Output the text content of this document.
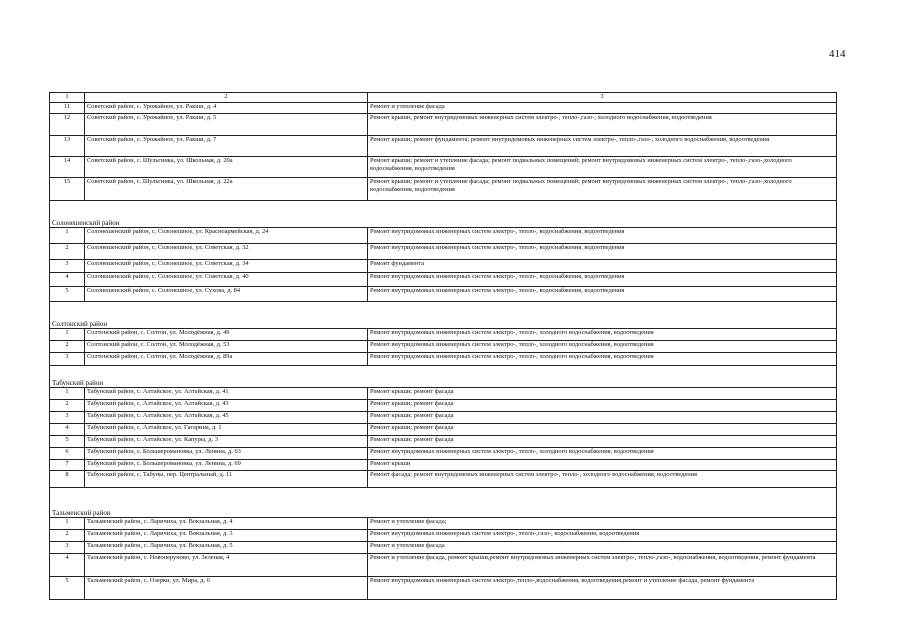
414
1	2	3
11	Советский район, с. Урожайное, ул. Ракши, д. 4	Ремонт и утепление фасада
12	Советский район, с. Урожайное, ул. Ракши, д. 5	Ремонт крыши, ремонт внутридомовых инженерных систем электро-, тепло-,газо-, холодного водоснабжения, водоотведения
13	Советский район, с. Урожайное, ул. Ракши, д. 7	Ремонт крыши; ремонт фундамента; ремонт внутридомовых инженерных систем электро-, тепло-,газо-, холодного водоснабжения, водоотведения
14	Советский район, с. Шульгинка, ул. Школьная, д. 20а	Ремонт крыши; ремонт и утепление фасада; ремонт подвальных помещений; ремонт внутридомовых инженерных систем электро-, тепло-,газо-,холодного водоснабжения, водоотведения
15	Советский район, с. Шульгинка, ул. Школьная, д. 22а	Ремонт крыши; ремонт и утепление фасада; ремонт подвальных помещений; ремонт внутридомовых инженерных систем электро-, тепло-,газо-,холодного водоснабжения, водоотведения

Солонешенский район		

1	Солонешенский район, с. Солонешное, ул. Красноармейская, д. 24	Ремонт внутридомовых инженерных систем электро-, тепло-, водоснабжения, водоотведения
2	Солонешенский район, с. Солонешное, ул. Советская, д. 32	Ремонт внутридомовых инженерных систем электро-, тепло-, водоснабжения, водоотведения
3	Солонешенский район, с. Солонешное, ул. Советская, д. 34	Ремонт фундамента
4	Солонешенский район, с. Солонешное, ул. Советская, д. 40	Ремонт внутридомовых инженерных систем электро-, тепло-, водоснабжения, водоотведения
5	Солонешенский район, с. Солонешное, ул. Сухова, д. 84	Ремонт внутридомовых инженерных систем электро-, тепло-, водоснабжения, водоотведения

Солтонский район		

1	Солтонский район, с. Солтон, ул. Молодёжная, д. 49	Ремонт внутридомовых инженерных систем электро-, тепло-, холодного водоснабжения, водоотведения
2	Солтонский район, с. Солтон, ул. Молодёжная, д. 53	Ремонт внутридомовых инженерных систем электро-, тепло-, холодного водоснабжения, водоотведения
3	Солтонский район, с. Солтон, ул. Молодёжная, д. 89а	Ремонт внутридомовых инженерных систем электро-, тепло-, холодного водоснабжения, водоотведения

Табунский район		

1	Табунский район, с. Алтайское, ул. Алтайская, д. 41	Ремонт крыши; ремонт фасада
2	Табунский район, с. Алтайское, ул. Алтайская, д. 43	Ремонт крыши; ремонт фасада
3	Табунский район, с. Алтайское, ул. Алтайская, д. 45	Ремонт крыши; ремонт фасада
4	Табунский район, с. Алтайское, ул. Гагарина, д. 1	Ремонт крыши; ремонт фасада
5	Табунский район, с. Алтайское, ул. Капуры, д. 3	Ремонт крыши; ремонт фасада
6	Табунский район, с. Большеромановка, ул. Ленина, д. 63	Ремонт внутридомовых инженерных систем электро-, тепло-, холодного водоснабжения, водоотведения
7	Табунский район, с. Большеромановка, ул. Ленина, д. 69	Ремонт крыши
8	Табунский район, с. Табуны, пер. Центральный, д. 11	Ремонт фасада; ремонт внутридомовых инженерных систем электро-, тепло-, холодного водоснабжения, водоотведения

Тальменский район		

1	Тальменский район, с. Ларичиха, ул. Вокзальная, д. 4	Ремонт и утепление фасада;
2	Тальменский район, с. Ларичиха, ул. Вокзальная, д. 3	Ремонт внутридомовых инженерных систем электро-, тепло-,газо-, водоснабжения, водоотведения
3	Тальменский район, с. Ларичиха, ул. Вокзальная, д. 5	Ремонт и утепление фасада
4	Тальменский район, с. Новоперуново, ул. Зеленая, 4	Ремонт и утепление фасада, ремонт крыши,ремонт внутридомовых инженерных систем электро-, тепло-,газо-, водоснабжения, водоотведения, ремонт фундамента
5	Тальменский район, с. Озерки, ул. Мира, д. 6	Ремонт внутридомовых инженерных систем электро-,тепло-,водоснабжения, водоотведения,ремонт и утепление фасада, ремонт фундамента
